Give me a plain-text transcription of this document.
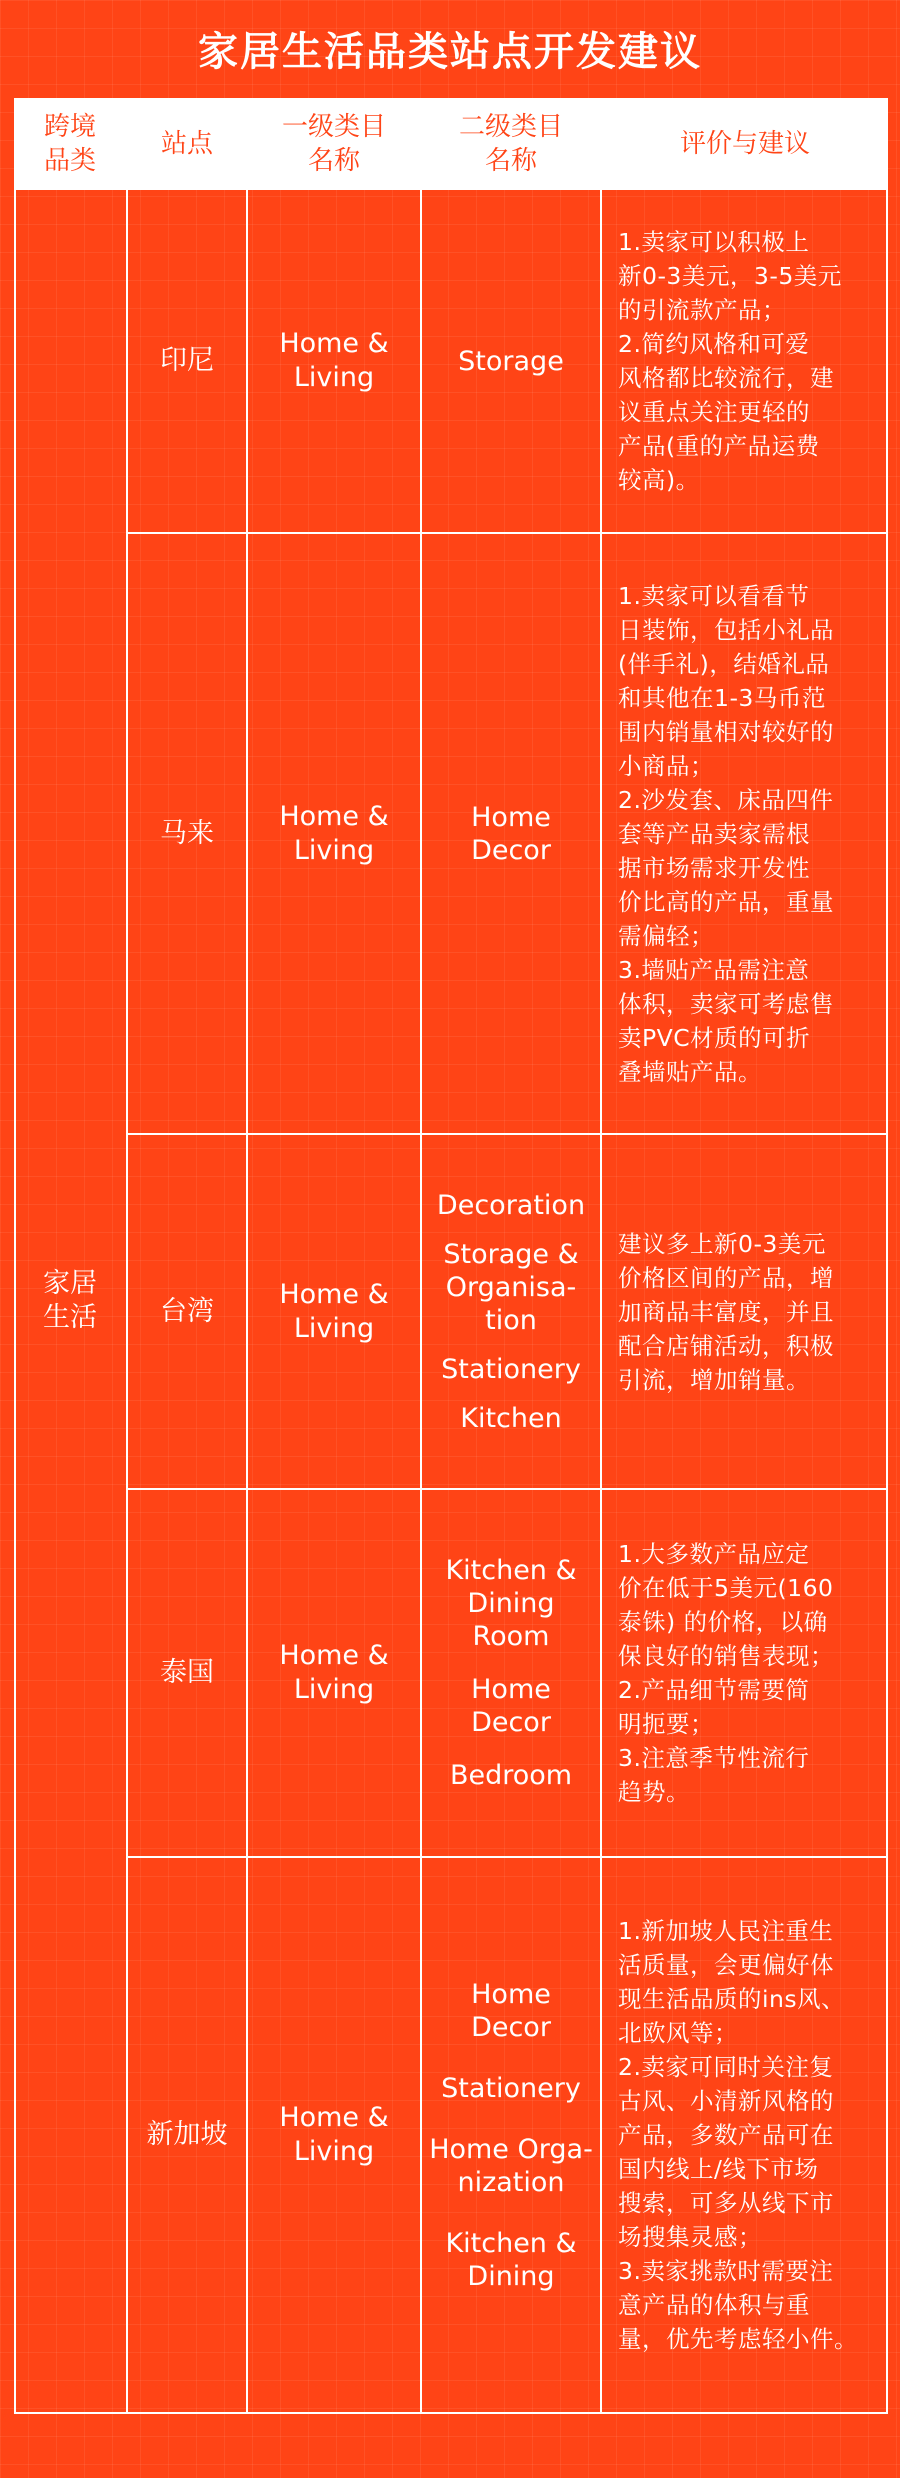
家居生活品类站点开发建议
跨境
品类
站点
一级类目
名称
二级类目
名称
评价与建议
家居
生活
印尼
Home &
Living
Storage
1.卖家可以积极上
新0-3美元，3-5美元
的引流款产品；
2.简约风格和可爱
风格都比较流行，建
议重点关注更轻的
产品(重的产品运费
较高)。
马来
Home &
Living
Home
Decor
1.卖家可以看看节
日装饰，包括小礼品
(伴手礼)，结婚礼品
和其他在1-3马币范
围内销量相对较好的
小商品；
2.沙发套、床品四件
套等产品卖家需根
据市场需求开发性
价比高的产品，重量
需偏轻；
3.墙贴产品需注意
体积，卖家可考虑售
卖PVC材质的可折
叠墙贴产品。
台湾
Home &
Living
Decoration
Storage &
Organisa-
tion
Stationery
Kitchen
建议多上新0-3美元
价格区间的产品，增
加商品丰富度，并且
配合店铺活动，积极
引流，增加销量。
泰国
Home &
Living
Kitchen &
Dining
Room
Home
Decor
Bedroom
1.大多数产品应定
价在低于5美元(160
泰铢) 的价格，以确
保良好的销售表现；
2.产品细节需要简
明扼要；
3.注意季节性流行
趋势。
新加坡
Home &
Living
Home
Decor
Stationery
Home Orga-
nization
Kitchen &
Dining
1.新加坡人民注重生
活质量，会更偏好体
现生活品质的ins风、
北欧风等；
2.卖家可同时关注复
古风、小清新风格的
产品，多数产品可在
国内线上/线下市场
搜索，可多从线下市
场搜集灵感；
3.卖家挑款时需要注
意产品的体积与重
量，优先考虑轻小件。
